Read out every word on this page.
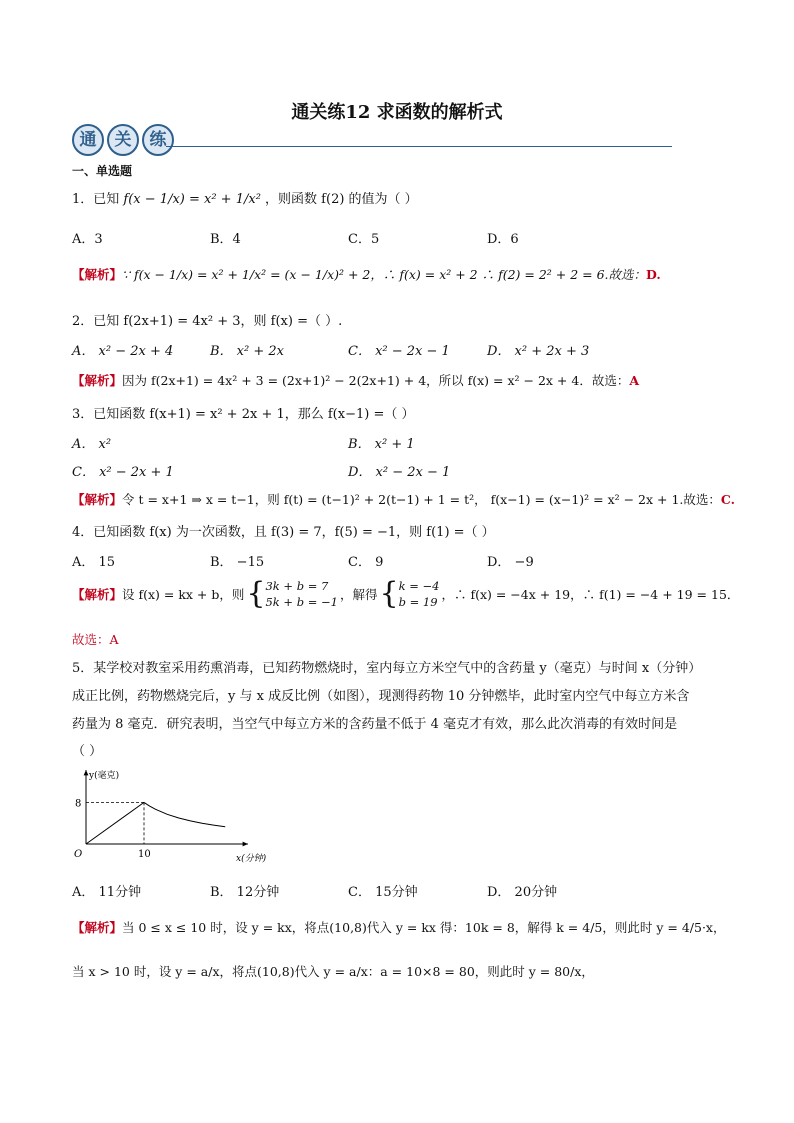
通关练12 求函数的解析式
通	关	练
一、单选题
1．已知 f(x − 1/x) = x² + 1/x² ，则函数 f(2) 的值为（ ）
A．3	B．4	C．5	D．6
【解析】∵ f(x − 1/x) = x² + 1/x² = (x − 1/x)² + 2，∴ f(x) = x² + 2 ∴ f(2) = 2² + 2 = 6.故选：D.
2．已知 f(2x+1) = 4x² + 3，则 f(x) =（ ）.
A． x² − 2x + 4	B． x² + 2x	C． x² − 2x − 1	D． x² + 2x + 3
【解析】因为 f(2x+1) = 4x² + 3 = (2x+1)² − 2(2x+1) + 4，所以 f(x) = x² − 2x + 4．故选：A
3．已知函数 f(x+1) = x² + 2x + 1，那么 f(x−1) =（ ）
A． x²	B． x² + 1
C． x² − 2x + 1	D． x² − 2x − 1
【解析】令 t = x+1 ⇒ x = t−1，则 f(t) = (t−1)² + 2(t−1) + 1 = t²， f(x−1) = (x−1)² = x² − 2x + 1.故选：C.
4．已知函数 f(x) 为一次函数，且 f(3) = 7，f(5) = −1，则 f(1) =（ ）
A． 15	B． −15	C． 9	D． −9
【解析】 设 f(x) = kx + b，则 { 3k + b = 7
5k + b = −1 ，解得 { k = −4
b = 19 ，∴ f(x) = −4x + 19，∴ f(1) = −4 + 19 = 15．
故选：A
5．某学校对教室采用药熏消毒，已知药物燃烧时，室内每立方米空气中的含药量 y（毫克）与时间 x（分钟）
成正比例，药物燃烧完后，y 与 x 成反比例（如图），现测得药物 10 分钟燃毕，此时室内空气中每立方米含
药量为 8 毫克．研究表明，当空气中每立方米的含药量不低于 4 毫克才有效，那么此次消毒的有效时间是
（ ）
y(毫克)
x(分钟)
O	10
8
A． 11分钟	B． 12分钟	C． 15分钟	D． 20分钟
【解析】当 0 ≤ x ≤ 10 时，设 y = kx，将点(10,8)代入 y = kx 得：10k = 8，解得 k = 4/5，则此时 y = 4/5·x，
当 x > 10 时，设 y = a/x，将点(10,8)代入 y = a/x：a = 10×8 = 80，则此时 y = 80/x，
